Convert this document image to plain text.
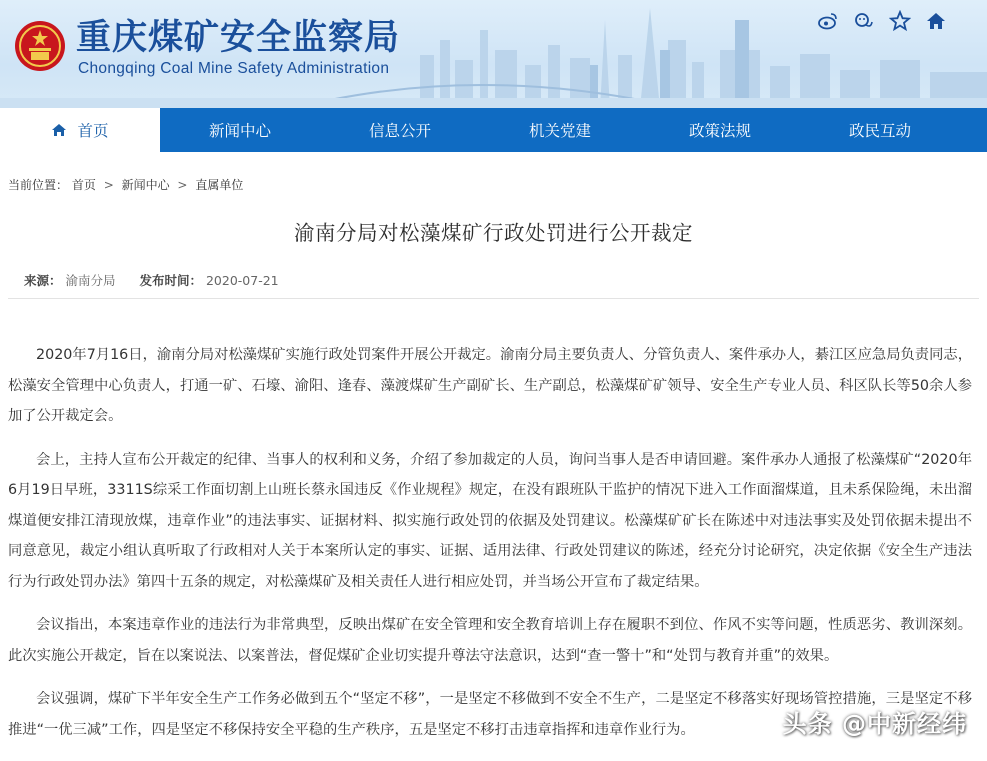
重庆煤矿安全监察局
Chongqing Coal Mine Safety Administration
首页	新闻中心	信息公开	机关党建	政策法规	政民互动
当前位置： 首页 > 新闻中心 > 直属单位
渝南分局对松藻煤矿行政处罚进行公开裁定
来源： 渝南分局 发布时间： 2020-07-21

2020年7月16日，渝南分局对松藻煤矿实施行政处罚案件开展公开裁定。渝南分局主要负责人、分管负责人、案件承办人，綦江区应急局负责同志，松藻安全管理中心负责人，打通一矿、石壕、渝阳、逢春、藻渡煤矿生产副矿长、生产副总，松藻煤矿矿领导、安全生产专业人员、科区队长等50余人参加了公开裁定会。

会上，主持人宣布公开裁定的纪律、当事人的权利和义务，介绍了参加裁定的人员，询问当事人是否申请回避。案件承办人通报了松藻煤矿“2020年6月19日早班，3311S综采工作面切割上山班长蔡永国违反《作业规程》规定，在没有跟班队干监护的情况下进入工作面溜煤道，且未系保险绳，未出溜煤道便安排江清现放煤，违章作业”的违法事实、证据材料、拟实施行政处罚的依据及处罚建议。松藻煤矿矿长在陈述中对违法事实及处罚依据未提出不同意意见，裁定小组认真听取了行政相对人关于本案所认定的事实、证据、适用法律、行政处罚建议的陈述，经充分讨论研究，决定依据《安全生产违法行为行政处罚办法》第四十五条的规定，对松藻煤矿及相关责任人进行相应处罚，并当场公开宣布了裁定结果。

会议指出，本案违章作业的违法行为非常典型，反映出煤矿在安全管理和安全教育培训上存在履职不到位、作风不实等问题，性质恶劣、教训深刻。此次实施公开裁定，旨在以案说法、以案普法，督促煤矿企业切实提升尊法守法意识，达到“查一警十”和“处罚与教育并重”的效果。

会议强调，煤矿下半年安全生产工作务必做到五个“坚定不移”，一是坚定不移做到不安全不生产，二是坚定不移落实好现场管控措施，三是坚定不移推进“一优三减”工作，四是坚定不移保持安全平稳的生产秩序，五是坚定不移打击违章指挥和违章作业行为。	头条 @中新经纬
